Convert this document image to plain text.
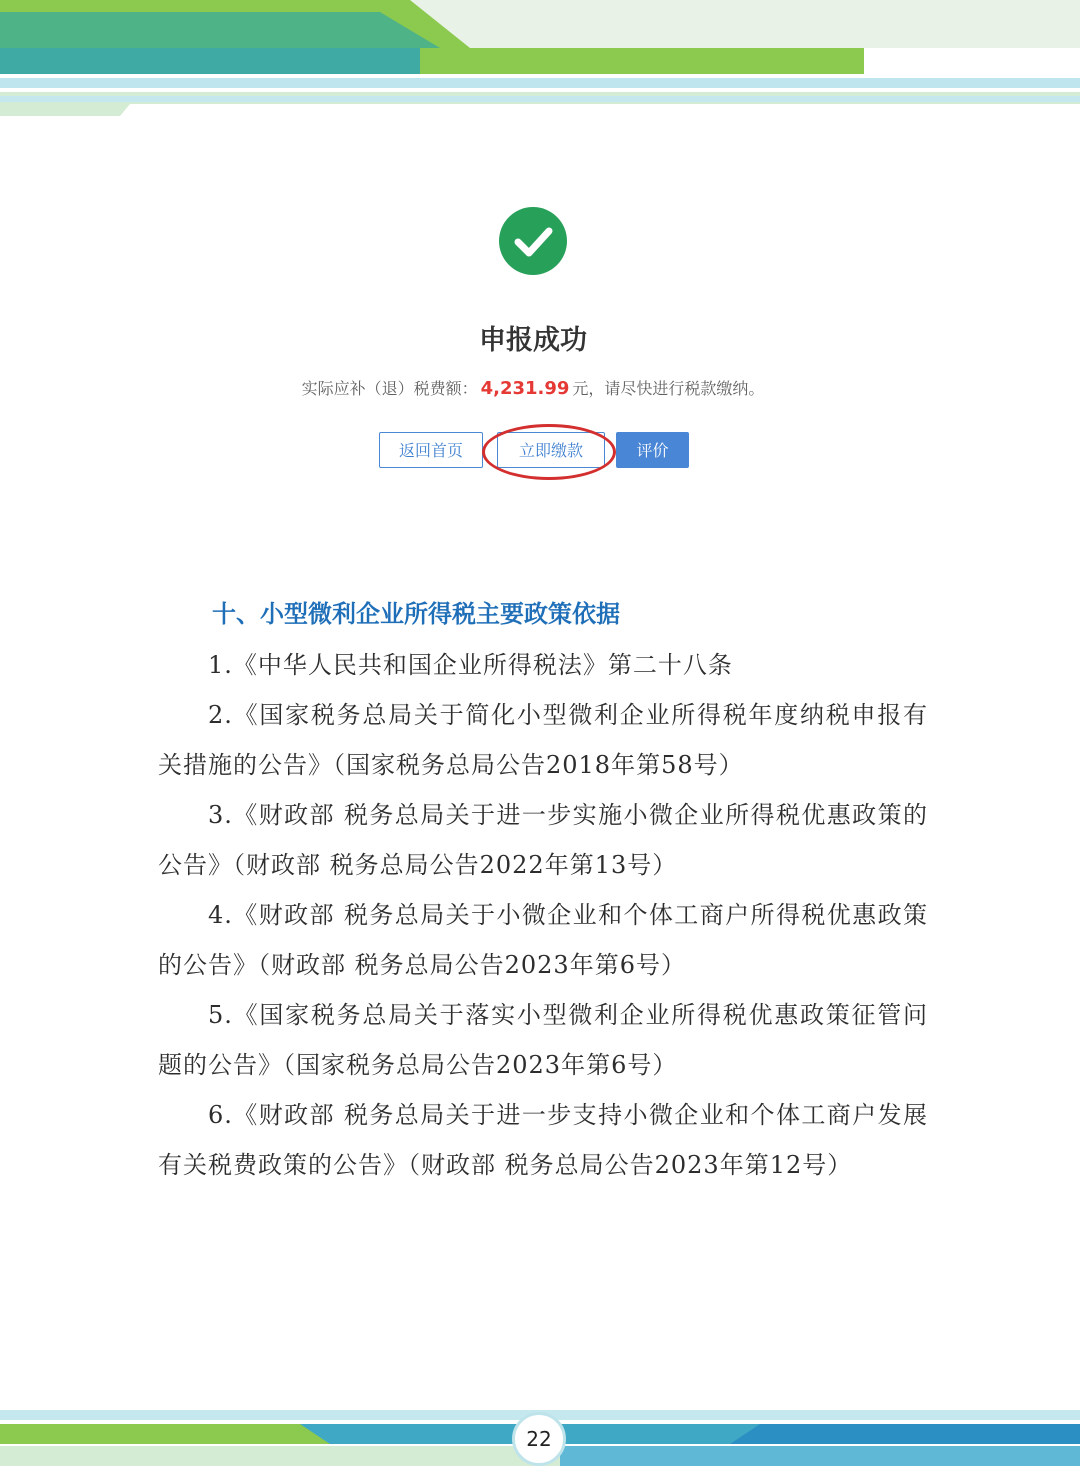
申报成功
实际应补（退）税费额： 4,231.99 元，请尽快进行税款缴纳。
返回首页	立即缴款	评价
十、小型微利企业所得税主要政策依据
1.《中华人民共和国企业所得税法》第二十八条
2.《国家税务总局关于简化小型微利企业所得税年度纳税申报有关措施的公告》（国家税务总局公告2018年第58号）
3.《财政部 税务总局关于进一步实施小微企业所得税优惠政策的公告》（财政部 税务总局公告2022年第13号）
4.《财政部 税务总局关于小微企业和个体工商户所得税优惠政策的公告》（财政部 税务总局公告2023年第6号）
5.《国家税务总局关于落实小型微利企业所得税优惠政策征管问题的公告》（国家税务总局公告2023年第6号）
6.《财政部 税务总局关于进一步支持小微企业和个体工商户发展有关税费政策的公告》（财政部 税务总局公告2023年第12号）
22
